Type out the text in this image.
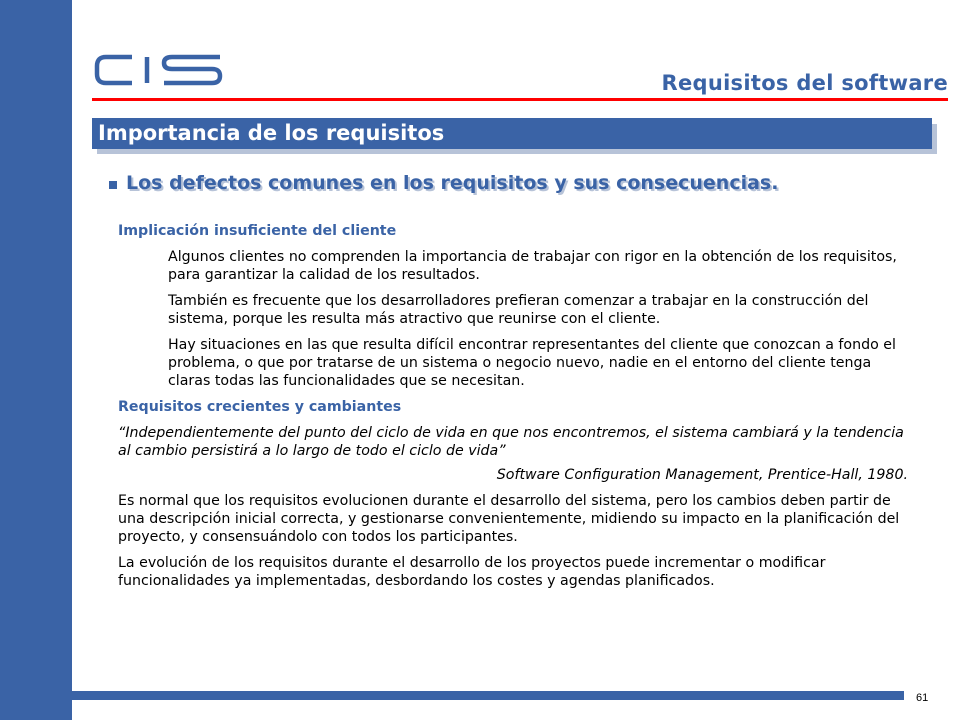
Requisitos del software
Importancia de los requisitos
Los defectos comunes en los requisitos y sus consecuencias.

Implicación insuficiente del cliente

Algunos clientes no comprenden la importancia de trabajar con rigor en la obtención de los requisitos, para garantizar la calidad de los resultados.

También es frecuente que los desarrolladores prefieran comenzar a trabajar en la construcción del sistema, porque les resulta más atractivo que reunirse con el cliente.

Hay situaciones en las que resulta difícil encontrar representantes del cliente que conozcan a fondo el problema, o que por tratarse de un sistema o negocio nuevo, nadie en el entorno del cliente tenga claras todas las funcionalidades que se necesitan.

Requisitos crecientes y cambiantes

“Independientemente del punto del ciclo de vida en que nos encontremos, el sistema cambiará y la tendencia al cambio persistirá a lo largo de todo el ciclo de vida”

Software Configuration Management, Prentice-Hall, 1980.

Es normal que los requisitos evolucionen durante el desarrollo del sistema, pero los cambios deben partir de una descripción inicial correcta, y gestionarse convenientemente, midiendo su impacto en la planificación del proyecto, y consensuándolo con todos los participantes.

La evolución de los requisitos durante el desarrollo de los proyectos puede incrementar o modificar funcionalidades ya implementadas, desbordando los costes y agendas planificados.

61
